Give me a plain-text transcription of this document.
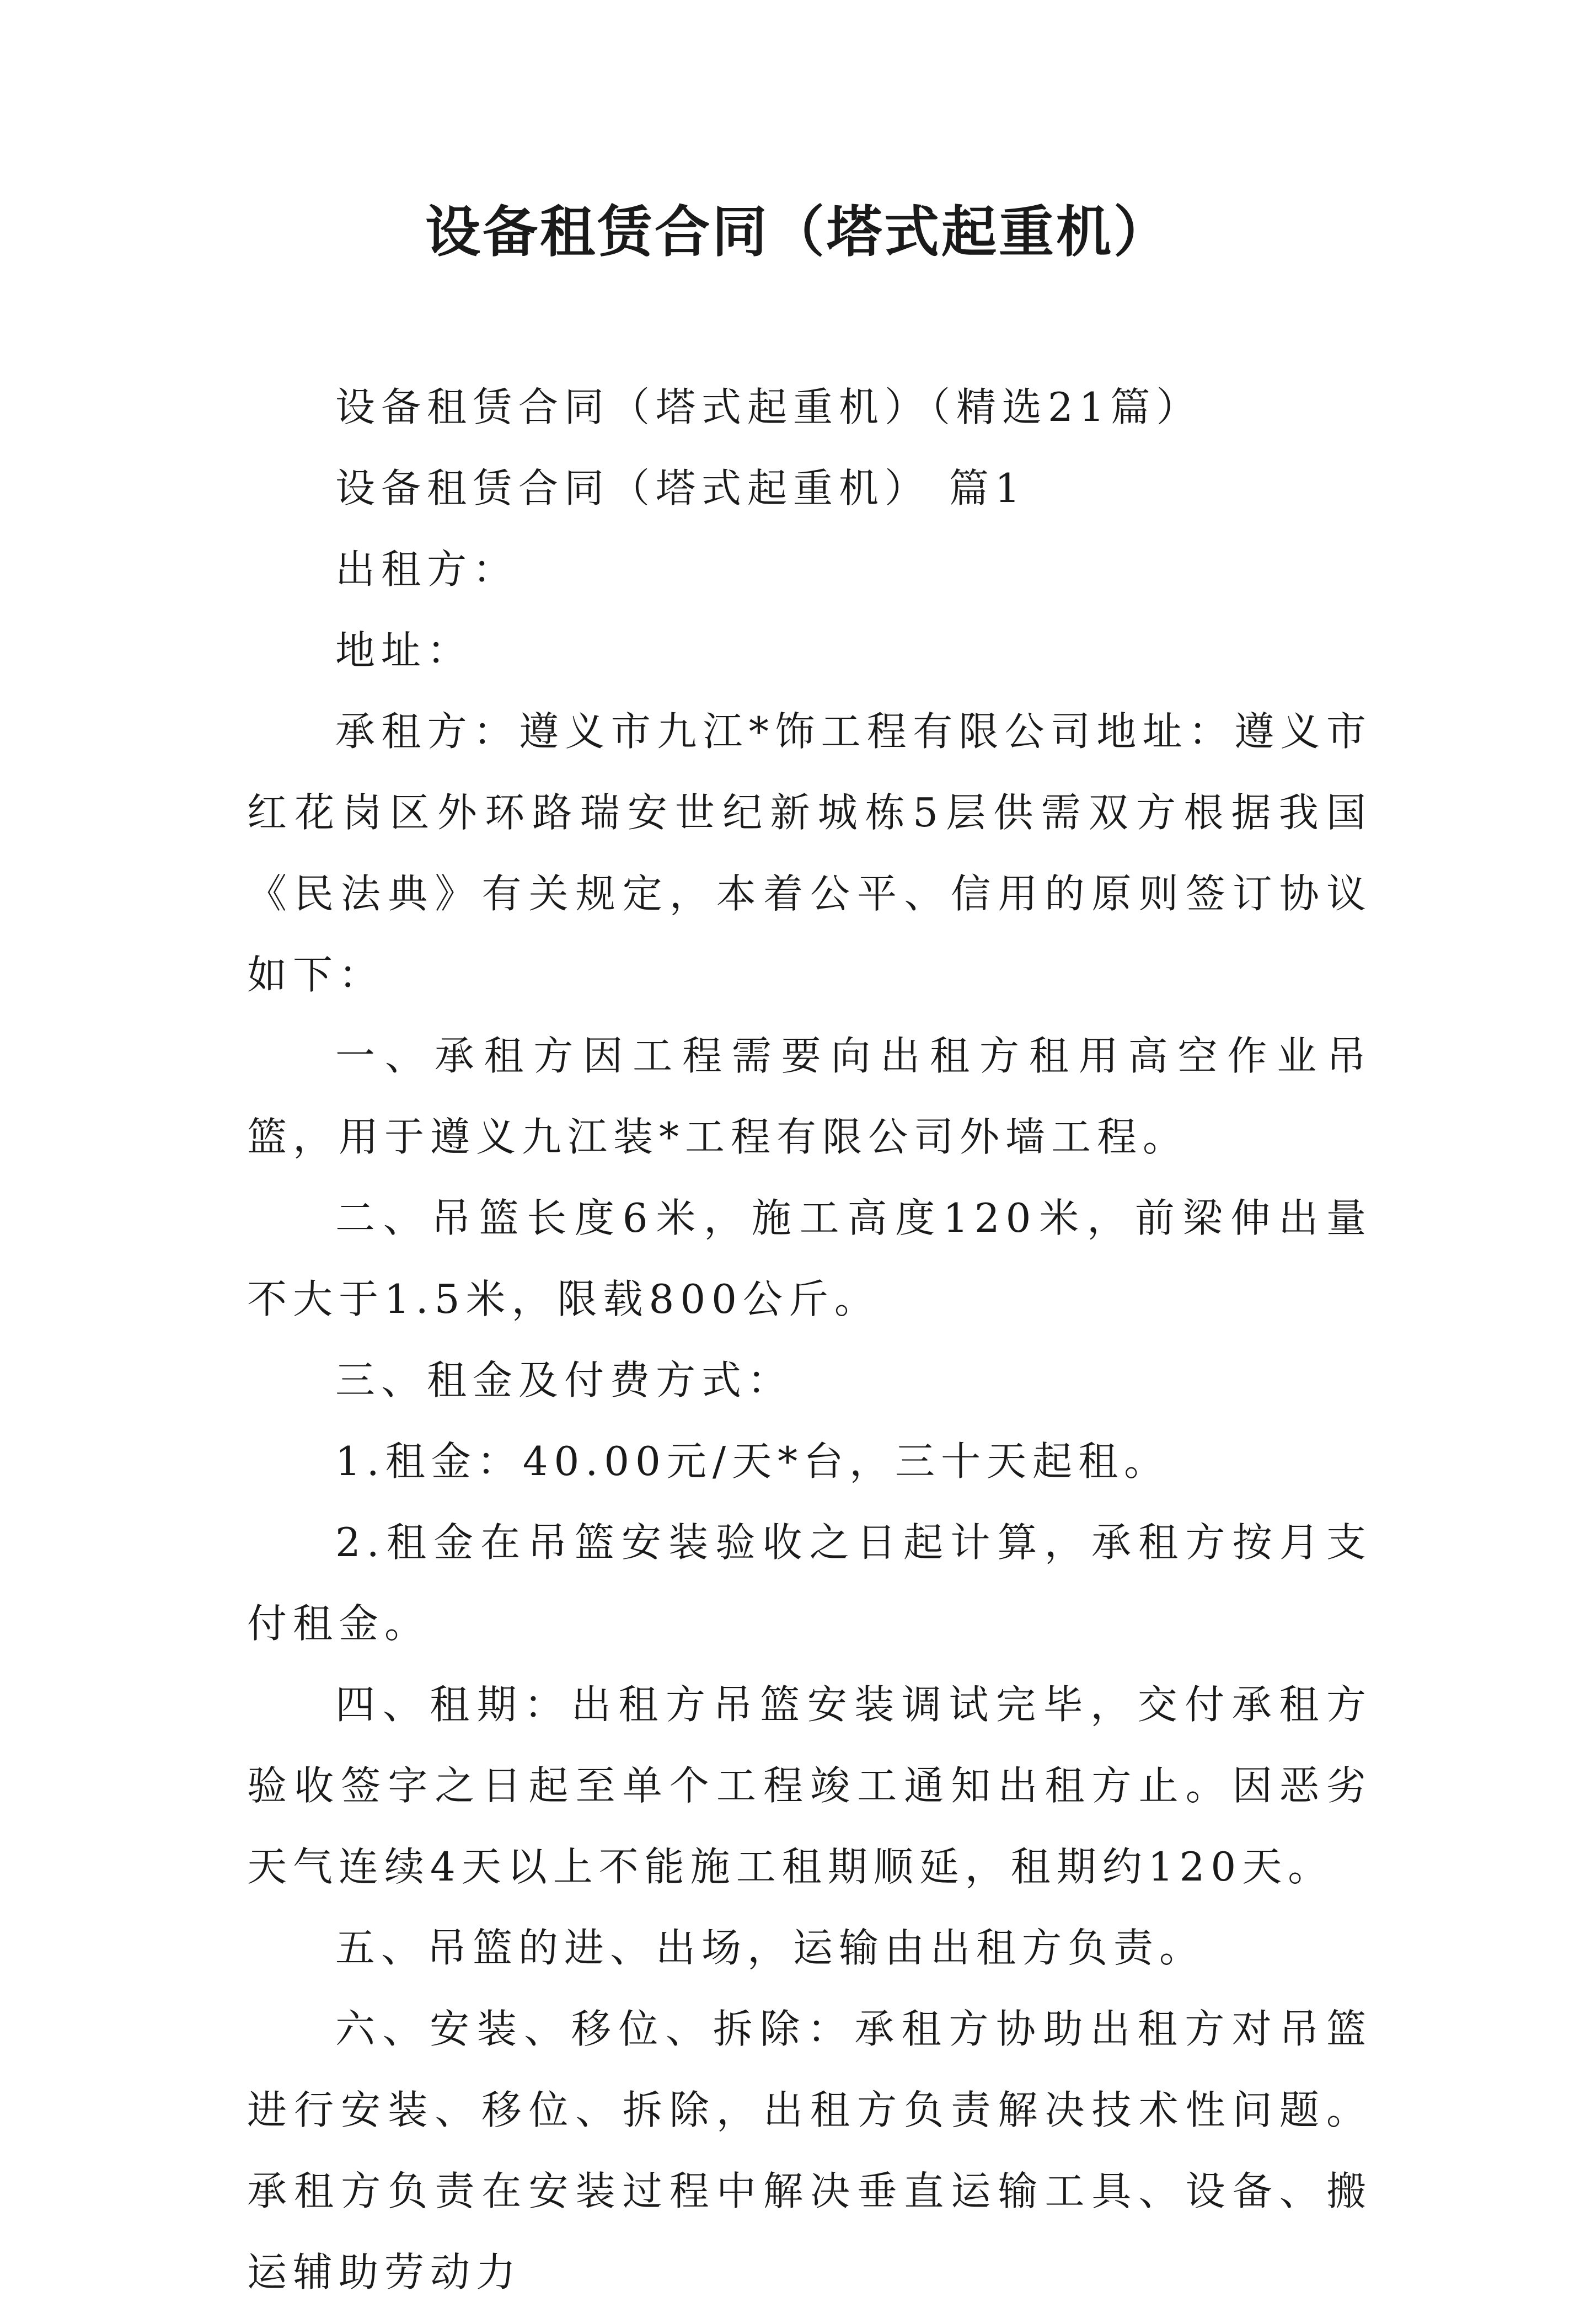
设备租赁合同（塔式起重机）

设备租赁合同（塔式起重机）（精选21篇）

设备租赁合同（塔式起重机） 篇1

出租方：

地址：

承租方：遵义市九江*饰工程有限公司地址：遵义市红花岗区外环路瑞安世纪新城栋5层供需双方根据我国《民法典》有关规定，本着公平、信用的原则签订协议如下：

一、承租方因工程需要向出租方租用高空作业吊篮，用于遵义九江装*工程有限公司外墙工程。

二、吊篮长度6米，施工高度120米，前梁伸出量不大于1.5米，限载800公斤。

三、租金及付费方式：

1.租金：40.00元/天*台，三十天起租。

2.租金在吊篮安装验收之日起计算，承租方按月支付租金。

四、租期：出租方吊篮安装调试完毕，交付承租方验收签字之日起至单个工程竣工通知出租方止。因恶劣天气连续4天以上不能施工租期顺延，租期约120天。

五、吊篮的进、出场，运输由出租方负责。

六、安装、移位、拆除：承租方协助出租方对吊篮进行安装、移位、拆除，出租方负责解决技术性问题。承租方负责在安装过程中解决垂直运输工具、设备、搬运辅助劳动力
